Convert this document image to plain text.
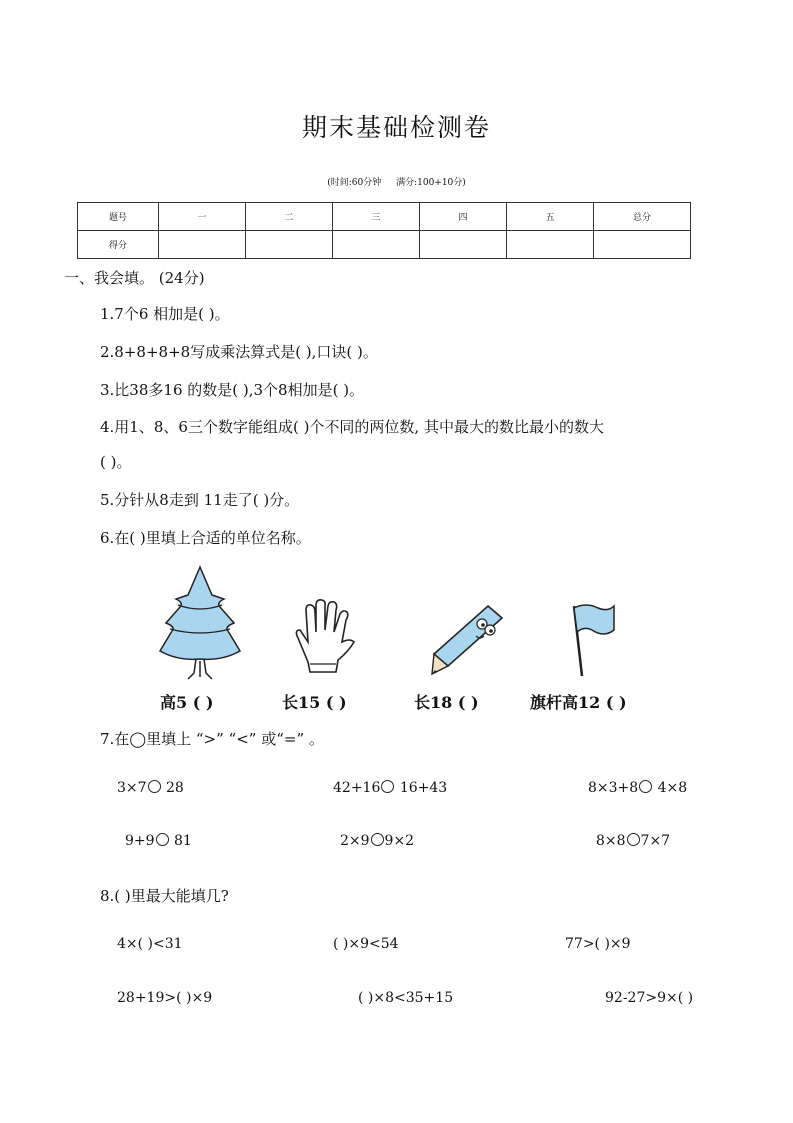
期末基础检测卷
(时间:60分钟 满分:100+10分)
题号	一	二	三	四	五	总分
得分						
一、我会填。 (24分)
1.7个6 相加是( )。
2.8+8+8+8写成乘法算式是( ),口诀( )。
3.比38多16 的数是( ),3个8相加是( )。
4.用1、8、6三个数字能组成( )个不同的两位数, 其中最大的数比最小的数大
( )。
5.分针从8走到 11走了( )分。
6.在( )里填上合适的单位名称。
高5 ( )	长15 ( )	长18 ( )	旗杆高12 ( )
7.在◯里填上 “>” “<” 或“=” 。
3×7 28	42+16 16+43	8×3+8 4×8
9+9 81	2×9 9×2	8×8 7×7
8.( )里最大能填几?
4×( )<31	( )×9<54	77>( )×9
28+19>( )×9	( )×8<35+15	92-27>9×( )
